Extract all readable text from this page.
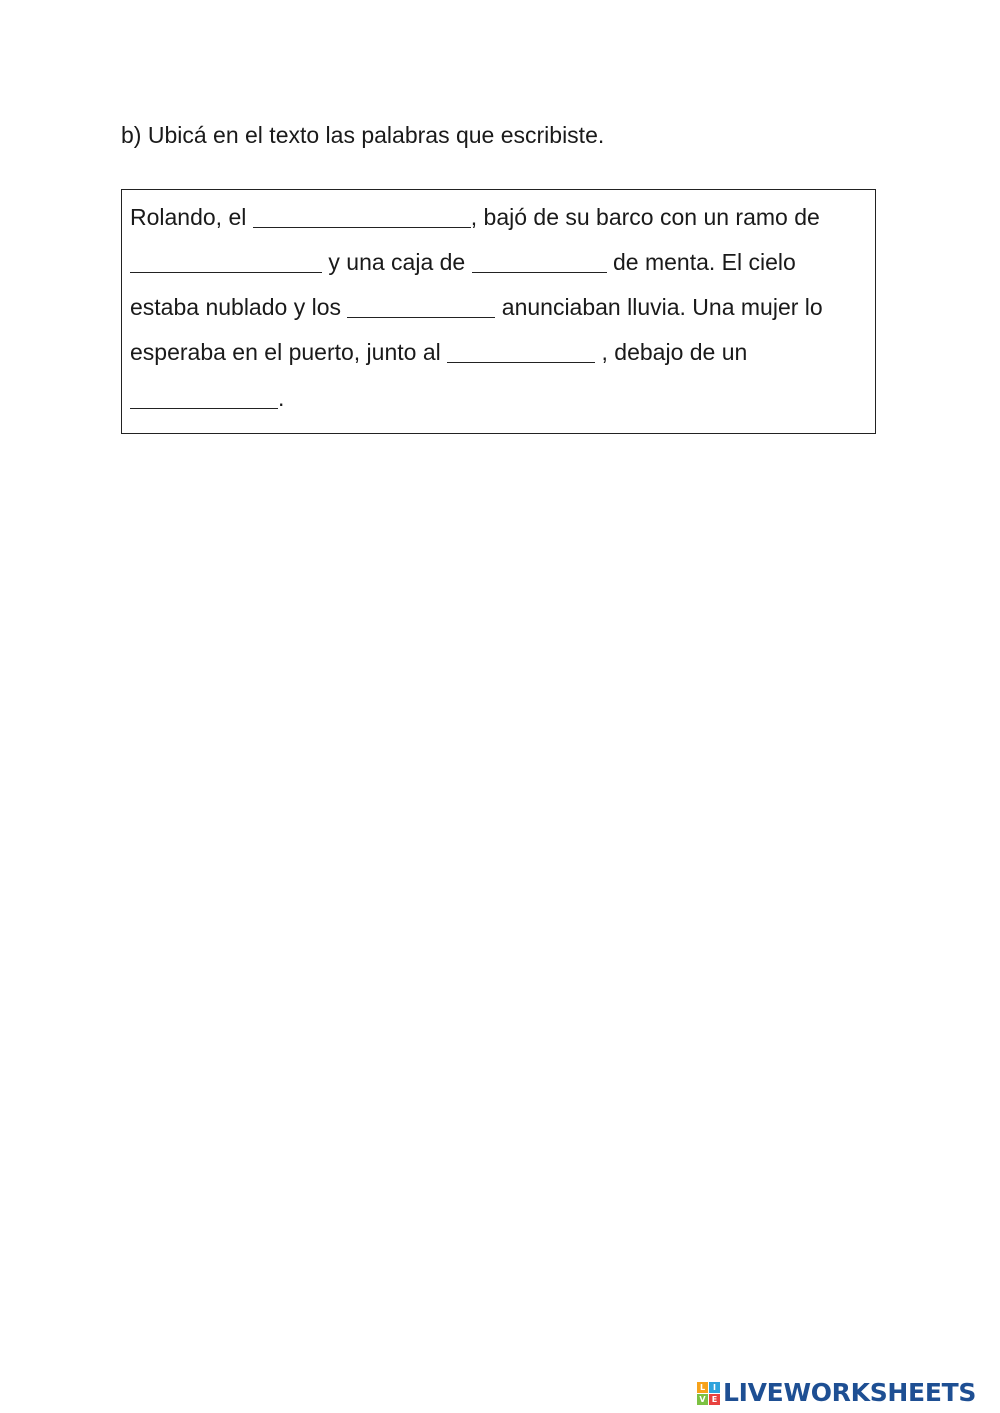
b) Ubicá en el texto las palabras que escribiste.
Rolando, el	, bajó de su barco con un ramo de
y una caja de	de menta. El cielo
estaba nublado y los	anunciaban lluvia. Una mujer lo
esperaba en el puerto, junto al	, debajo de un
.
L I
V E LIVEWORKSHEETS
